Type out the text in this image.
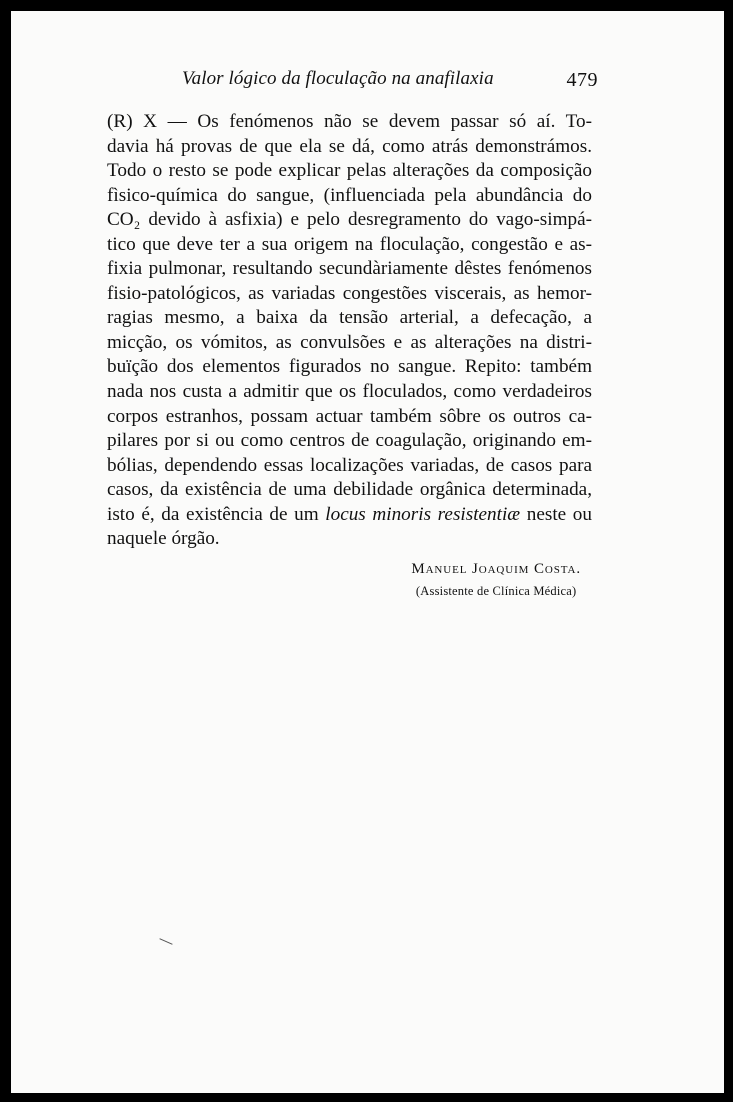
Valor lógico da floculação na anafilaxia	479
(R) X — Os fenómenos não se devem passar só aí. To-
davia há provas de que ela se dá, como atrás demonstrámos.
Todo o resto se pode explicar pelas alterações da composição
fìsico-química do sangue, (influenciada pela abundância do
CO₂ devido à asfixia) e pelo desregramento do vago-simpá-
tico que deve ter a sua origem na floculação, congestão e as-
fixia pulmonar, resultando secundàriamente dêstes fenómenos
fisio-patológicos, as variadas congestões viscerais, as hemor-
ragias mesmo, a baixa da tensão arterial, a defecação, a
micção, os vómitos, as convulsões e as alterações na distri-
buïção dos elementos figurados no sangue. Repito: também
nada nos custa a admitir que os floculados, como verdadeiros
corpos estranhos, possam actuar também sôbre os outros ca-
pilares por si ou como centros de coagulação, originando em-
bólias, dependendo essas localizações variadas, de casos para
casos, da existência de uma debilidade orgânica determinada,
isto é, da existência de um locus minoris resistentiæ neste ou
naquele órgão.
Manuel Joaquim Costa.
(Assistente de Clínica Médica)
